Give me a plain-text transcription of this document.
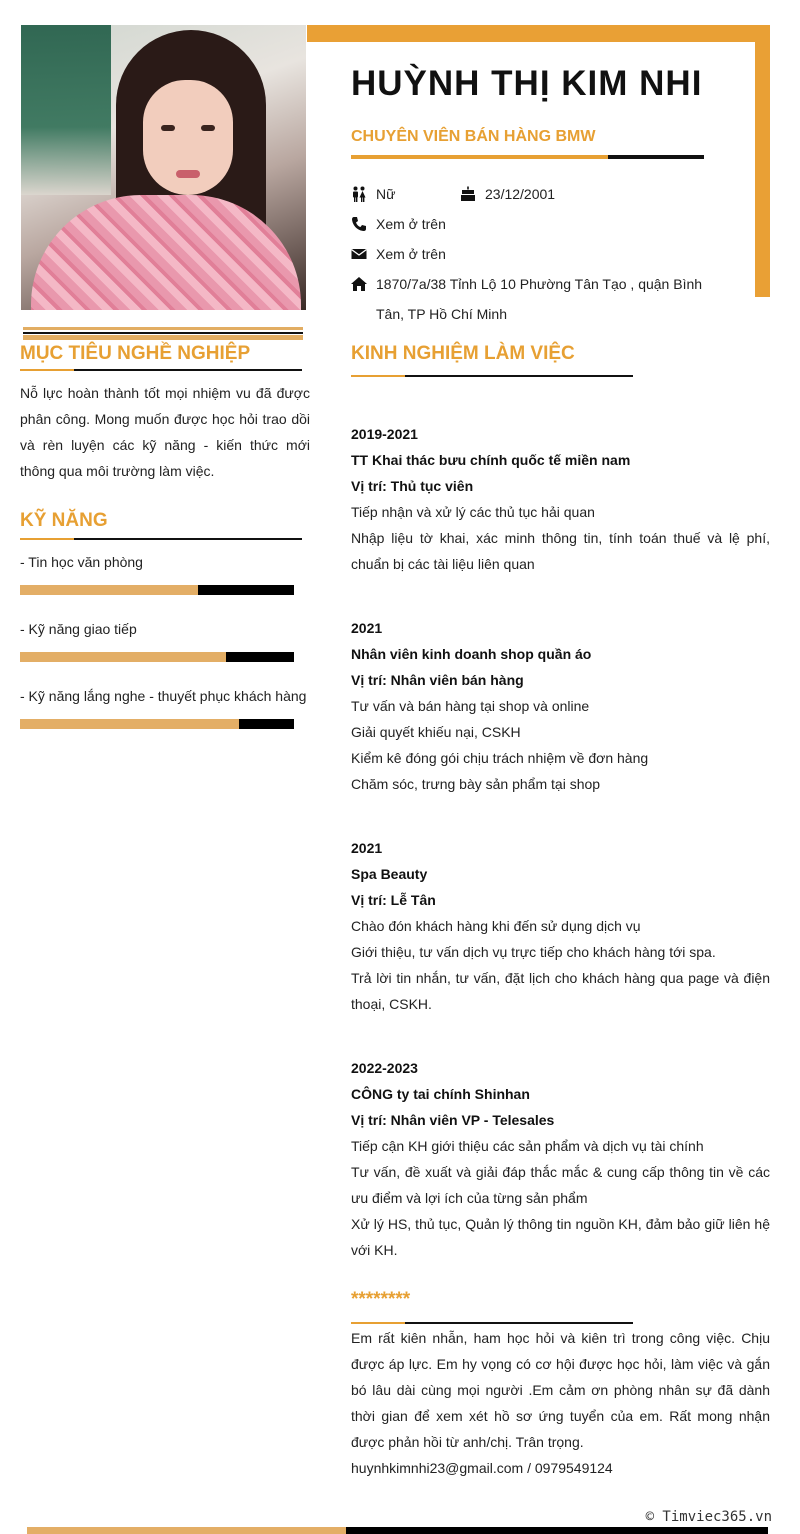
HUỲNH THỊ KIM NHI
CHUYÊN VIÊN BÁN HÀNG BMW
Nữ	23/12/2001
Xem ở trên
Xem ở trên
1870/7a/38 Tỉnh Lộ 10 Phường Tân Tạo , quận Bình
Tân, TP Hồ Chí Minh
MỤC TIÊU NGHỀ NGHIỆP

Nỗ lực hoàn thành tốt mọi nhiệm vu đã được phân công. Mong muốn được học hỏi trao dồi và rèn luyện các kỹ năng - kiến thức mới thông qua môi trường làm việc.

KỸ NĂNG
- Tin học văn phòng
- Kỹ năng giao tiếp
- Kỹ năng lắng nghe - thuyết phục khách hàng
KINH NGHIỆM LÀM VIỆC
2019-2021
TT Khai thác bưu chính quốc tế miền nam
Vị trí: Thủ tục viên
Tiếp nhận và xử lý các thủ tục hải quan
Nhập liệu tờ khai, xác minh thông tin, tính toán thuế và lệ phí, chuẩn bị các tài liệu liên quan
2021
Nhân viên kinh doanh shop quần áo
Vị trí: Nhân viên bán hàng
Tư vấn và bán hàng tại shop và online
Giải quyết khiếu nại, CSKH
Kiểm kê đóng gói chịu trách nhiệm về đơn hàng
Chăm sóc, trưng bày sản phẩm tại shop
2021
Spa Beauty
Vị trí: Lễ Tân
Chào đón khách hàng khi đến sử dụng dịch vụ
Giới thiệu, tư vấn dịch vụ trực tiếp cho khách hàng tới spa.
Trả lời tin nhắn, tư vấn, đặt lịch cho khách hàng qua page và điện thoại, CSKH.
2022-2023
CÔNG ty tai chính Shinhan
Vị trí: Nhân viên VP - Telesales
Tiếp cận KH giới thiệu các sản phẩm và dịch vụ tài chính
Tư vấn, đề xuất và giải đáp thắc mắc & cung cấp thông tin về các ưu điểm và lợi ích của từng sản phẩm
Xử lý HS, thủ tục, Quản lý thông tin nguồn KH, đảm bảo giữ liên hệ với KH.
********

Em rất kiên nhẫn, ham học hỏi và kiên trì trong công việc. Chịu được áp lực. Em hy vọng có cơ hội được học hỏi, làm việc và gắn bó lâu dài cùng mọi người .Em cảm ơn phòng nhân sự đã dành thời gian để xem xét hồ sơ ứng tuyển của em. Rất mong nhận được phản hồi từ anh/chị. Trân trọng.

huynhkimnhi23@gmail.com / 0979549124
© Timviec365.vn
